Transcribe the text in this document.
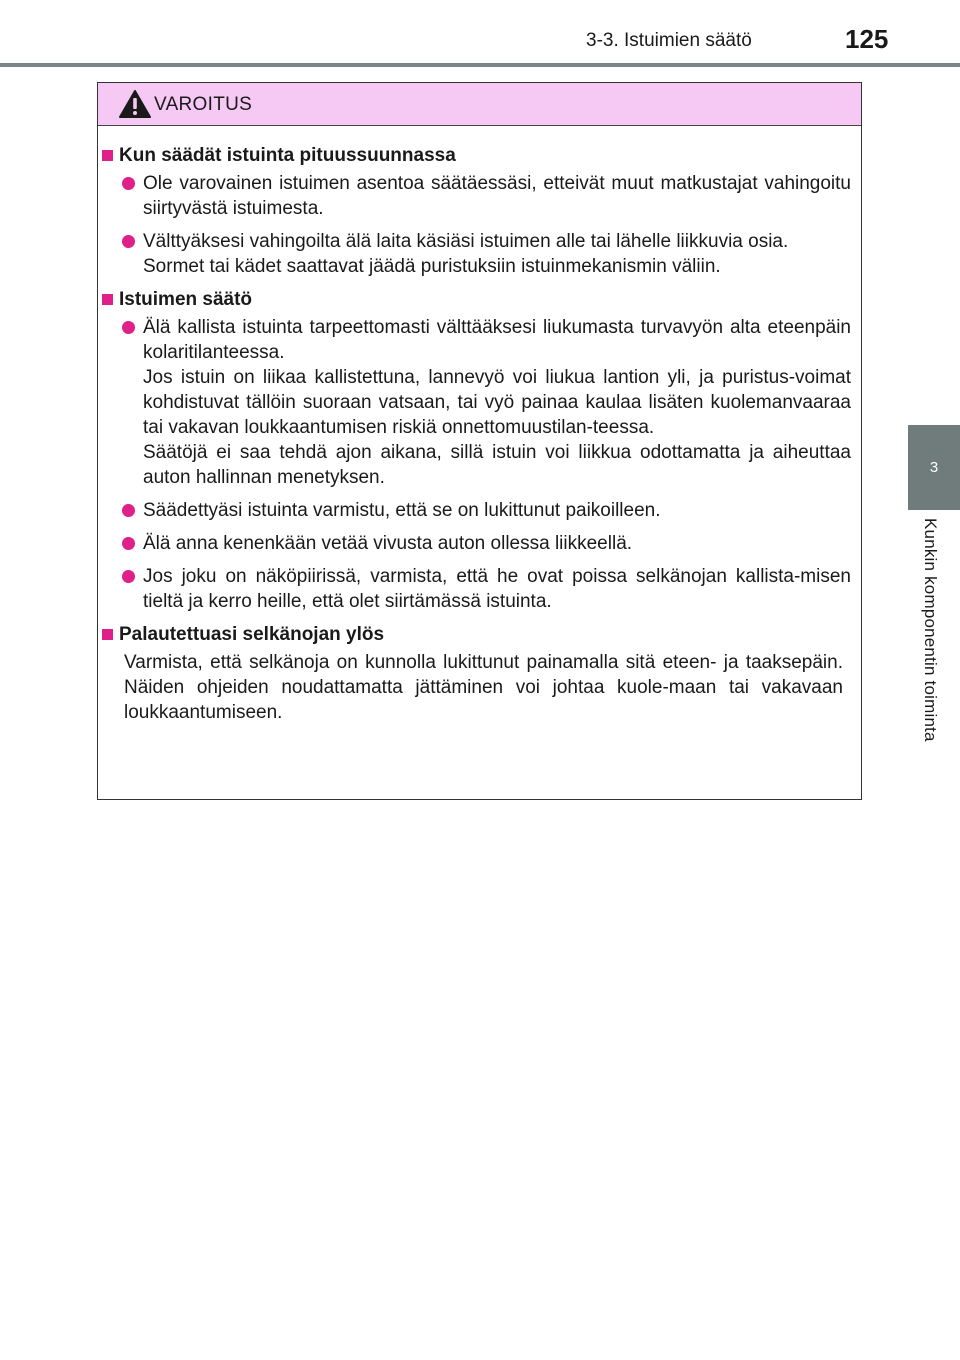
3-3. Istuimien säätö	125
3
Kunkin komponentin toiminta
VAROITUS
Kun säädät istuinta pituussuunnassa

Ole varovainen istuimen asentoa säätäessäsi, etteivät muut matkustajat vahingoitu siirtyvästä istuimesta.

Välttyäksesi vahingoilta älä laita käsiäsi istuimen alle tai lähelle liikkuvia osia.

Sormet tai kädet saattavat jäädä puristuksiin istuinmekanismin väliin.

Istuimen säätö

Älä kallista istuinta tarpeettomasti välttääksesi liukumasta turvavyön alta eteenpäin kolaritilanteessa.

Jos istuin on liikaa kallistettuna, lannevyö voi liukua lantion yli, ja puristus-voimat kohdistuvat tällöin suoraan vatsaan, tai vyö painaa kaulaa lisäten kuolemanvaaraa tai vakavan loukkaantumisen riskiä onnettomuustilan-teessa.

Säätöjä ei saa tehdä ajon aikana, sillä istuin voi liikkua odottamatta ja aiheuttaa auton hallinnan menetyksen.

Säädettyäsi istuinta varmistu, että se on lukittunut paikoilleen.

Älä anna kenenkään vetää vivusta auton ollessa liikkeellä.

Jos joku on näköpiirissä, varmista, että he ovat poissa selkänojan kallista-misen tieltä ja kerro heille, että olet siirtämässä istuinta.

Palautettuasi selkänojan ylös

Varmista, että selkänoja on kunnolla lukittunut painamalla sitä eteen- ja taaksepäin. Näiden ohjeiden noudattamatta jättäminen voi johtaa kuole-maan tai vakavaan loukkaantumiseen.
